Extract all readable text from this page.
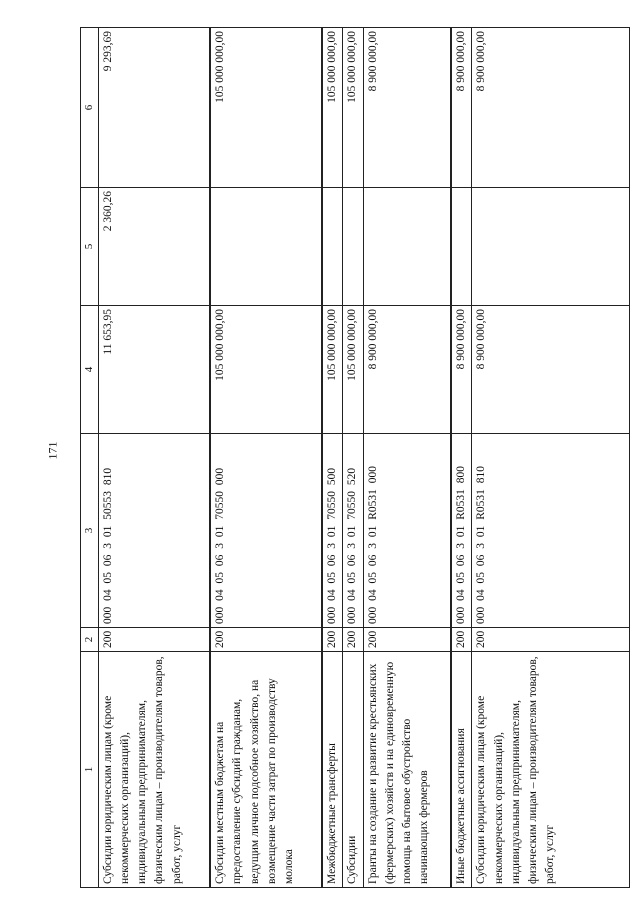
171
1	2	3	4	5	6
Субсидии юридическим лицам (кроме некоммерческих организаций), индивидуальным предпринимателям, физическим лицам – производителям товаров, работ, услуг	200	000 04 05 06 3 01 50553 810	11 653,95	2 360,26	9 293,69
Субсидии местным бюджетам на предоставление субсидий гражданам, ведущим личное подсобное хозяйство, на возмещение части затрат по производству молока	200	000 04 05 06 3 01 70550 000	105 000 000,00		105 000 000,00
Межбюджетные трансферты	200	000 04 05 06 3 01 70550 500	105 000 000,00		105 000 000,00
Субсидии	200	000 04 05 06 3 01 70550 520	105 000 000,00		105 000 000,00
Гранты на создание и развитие крестьянских (фермерских) хозяйств и на единовременную помощь на бытовое обустройство начинающих фермеров	200	000 04 05 06 3 01 R0531 000	8 900 000,00		8 900 000,00
Иные бюджетные ассигнования	200	000 04 05 06 3 01 R0531 800	8 900 000,00		8 900 000,00
Субсидии юридическим лицам (кроме некоммерческих организаций), индивидуальным предпринимателям, физическим лицам – производителям товаров, работ, услуг	200	000 04 05 06 3 01 R0531 810	8 900 000,00		8 900 000,00
